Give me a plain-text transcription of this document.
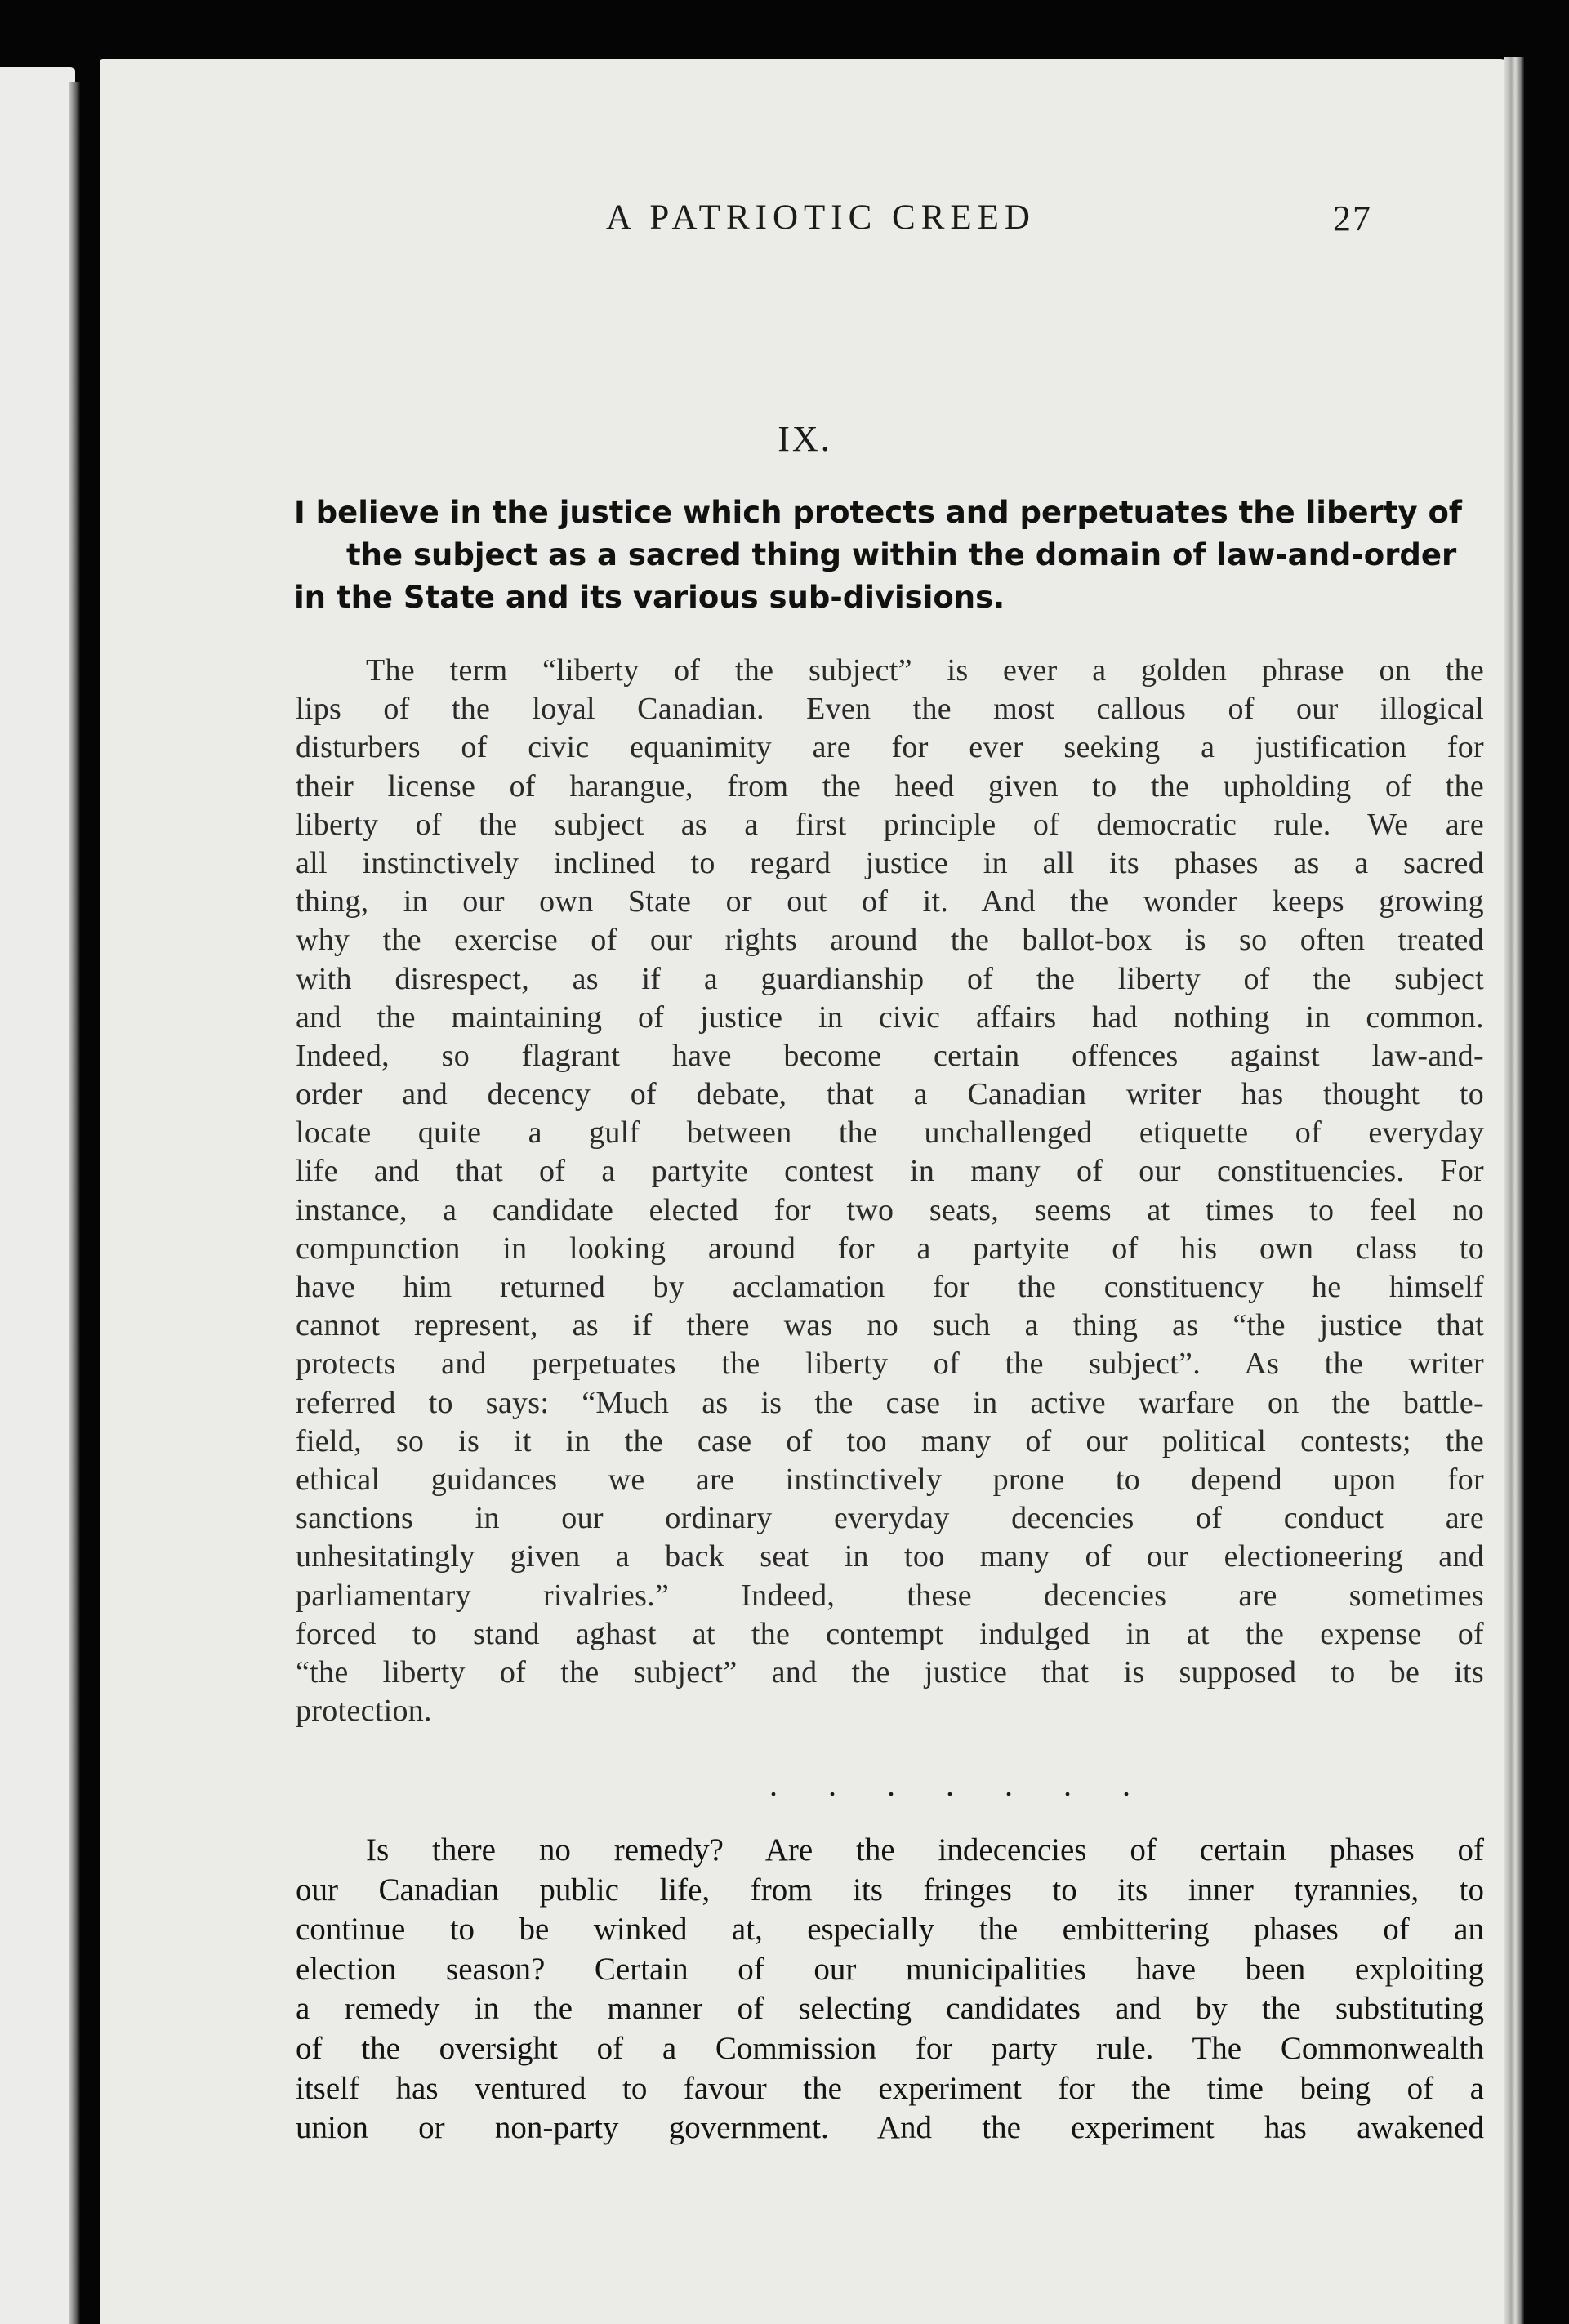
A PATRIOTIC CREED	27
IX.
I believe in the justice which protects and perpetuates the liberty of
the subject as a sacred thing within the domain of law-and-order
in the State and its various sub-divisions.
The term “liberty of the subject” is ever a golden phrase on the
lips of the loyal Canadian. Even the most callous of our illogical
disturbers of civic equanimity are for ever seeking a justification for
their license of harangue, from the heed given to the upholding of the
liberty of the subject as a first principle of democratic rule. We are
all instinctively inclined to regard justice in all its phases as a sacred
thing, in our own State or out of it. And the wonder keeps growing
why the exercise of our rights around the ballot-box is so often treated
with disrespect, as if a guardianship of the liberty of the subject
and the maintaining of justice in civic affairs had nothing in common.
Indeed, so flagrant have become certain offences against law-and-
order and decency of debate, that a Canadian writer has thought to
locate quite a gulf between the unchallenged etiquette of everyday
life and that of a partyite contest in many of our constituencies. For
instance, a candidate elected for two seats, seems at times to feel no
compunction in looking around for a partyite of his own class to
have him returned by acclamation for the constituency he himself
cannot represent, as if there was no such a thing as “the justice that
protects and perpetuates the liberty of the subject”. As the writer
referred to says: “Much as is the case in active warfare on the battle-
field, so is it in the case of too many of our political contests; the
ethical guidances we are instinctively prone to depend upon for
sanctions in our ordinary everyday decencies of conduct are
unhesitatingly given a back seat in too many of our electioneering and
parliamentary rivalries.” Indeed, these decencies are sometimes
forced to stand aghast at the contempt indulged in at the expense of
“the liberty of the subject” and the justice that is supposed to be its
protection.
. . . . . . .
Is there no remedy? Are the indecencies of certain phases of
our Canadian public life, from its fringes to its inner tyrannies, to
continue to be winked at, especially the embittering phases of an
election season? Certain of our municipalities have been exploiting
a remedy in the manner of selecting candidates and by the substituting
of the oversight of a Commission for party rule. The Commonwealth
itself has ventured to favour the experiment for the time being of a
union or non-party government. And the experiment has awakened
